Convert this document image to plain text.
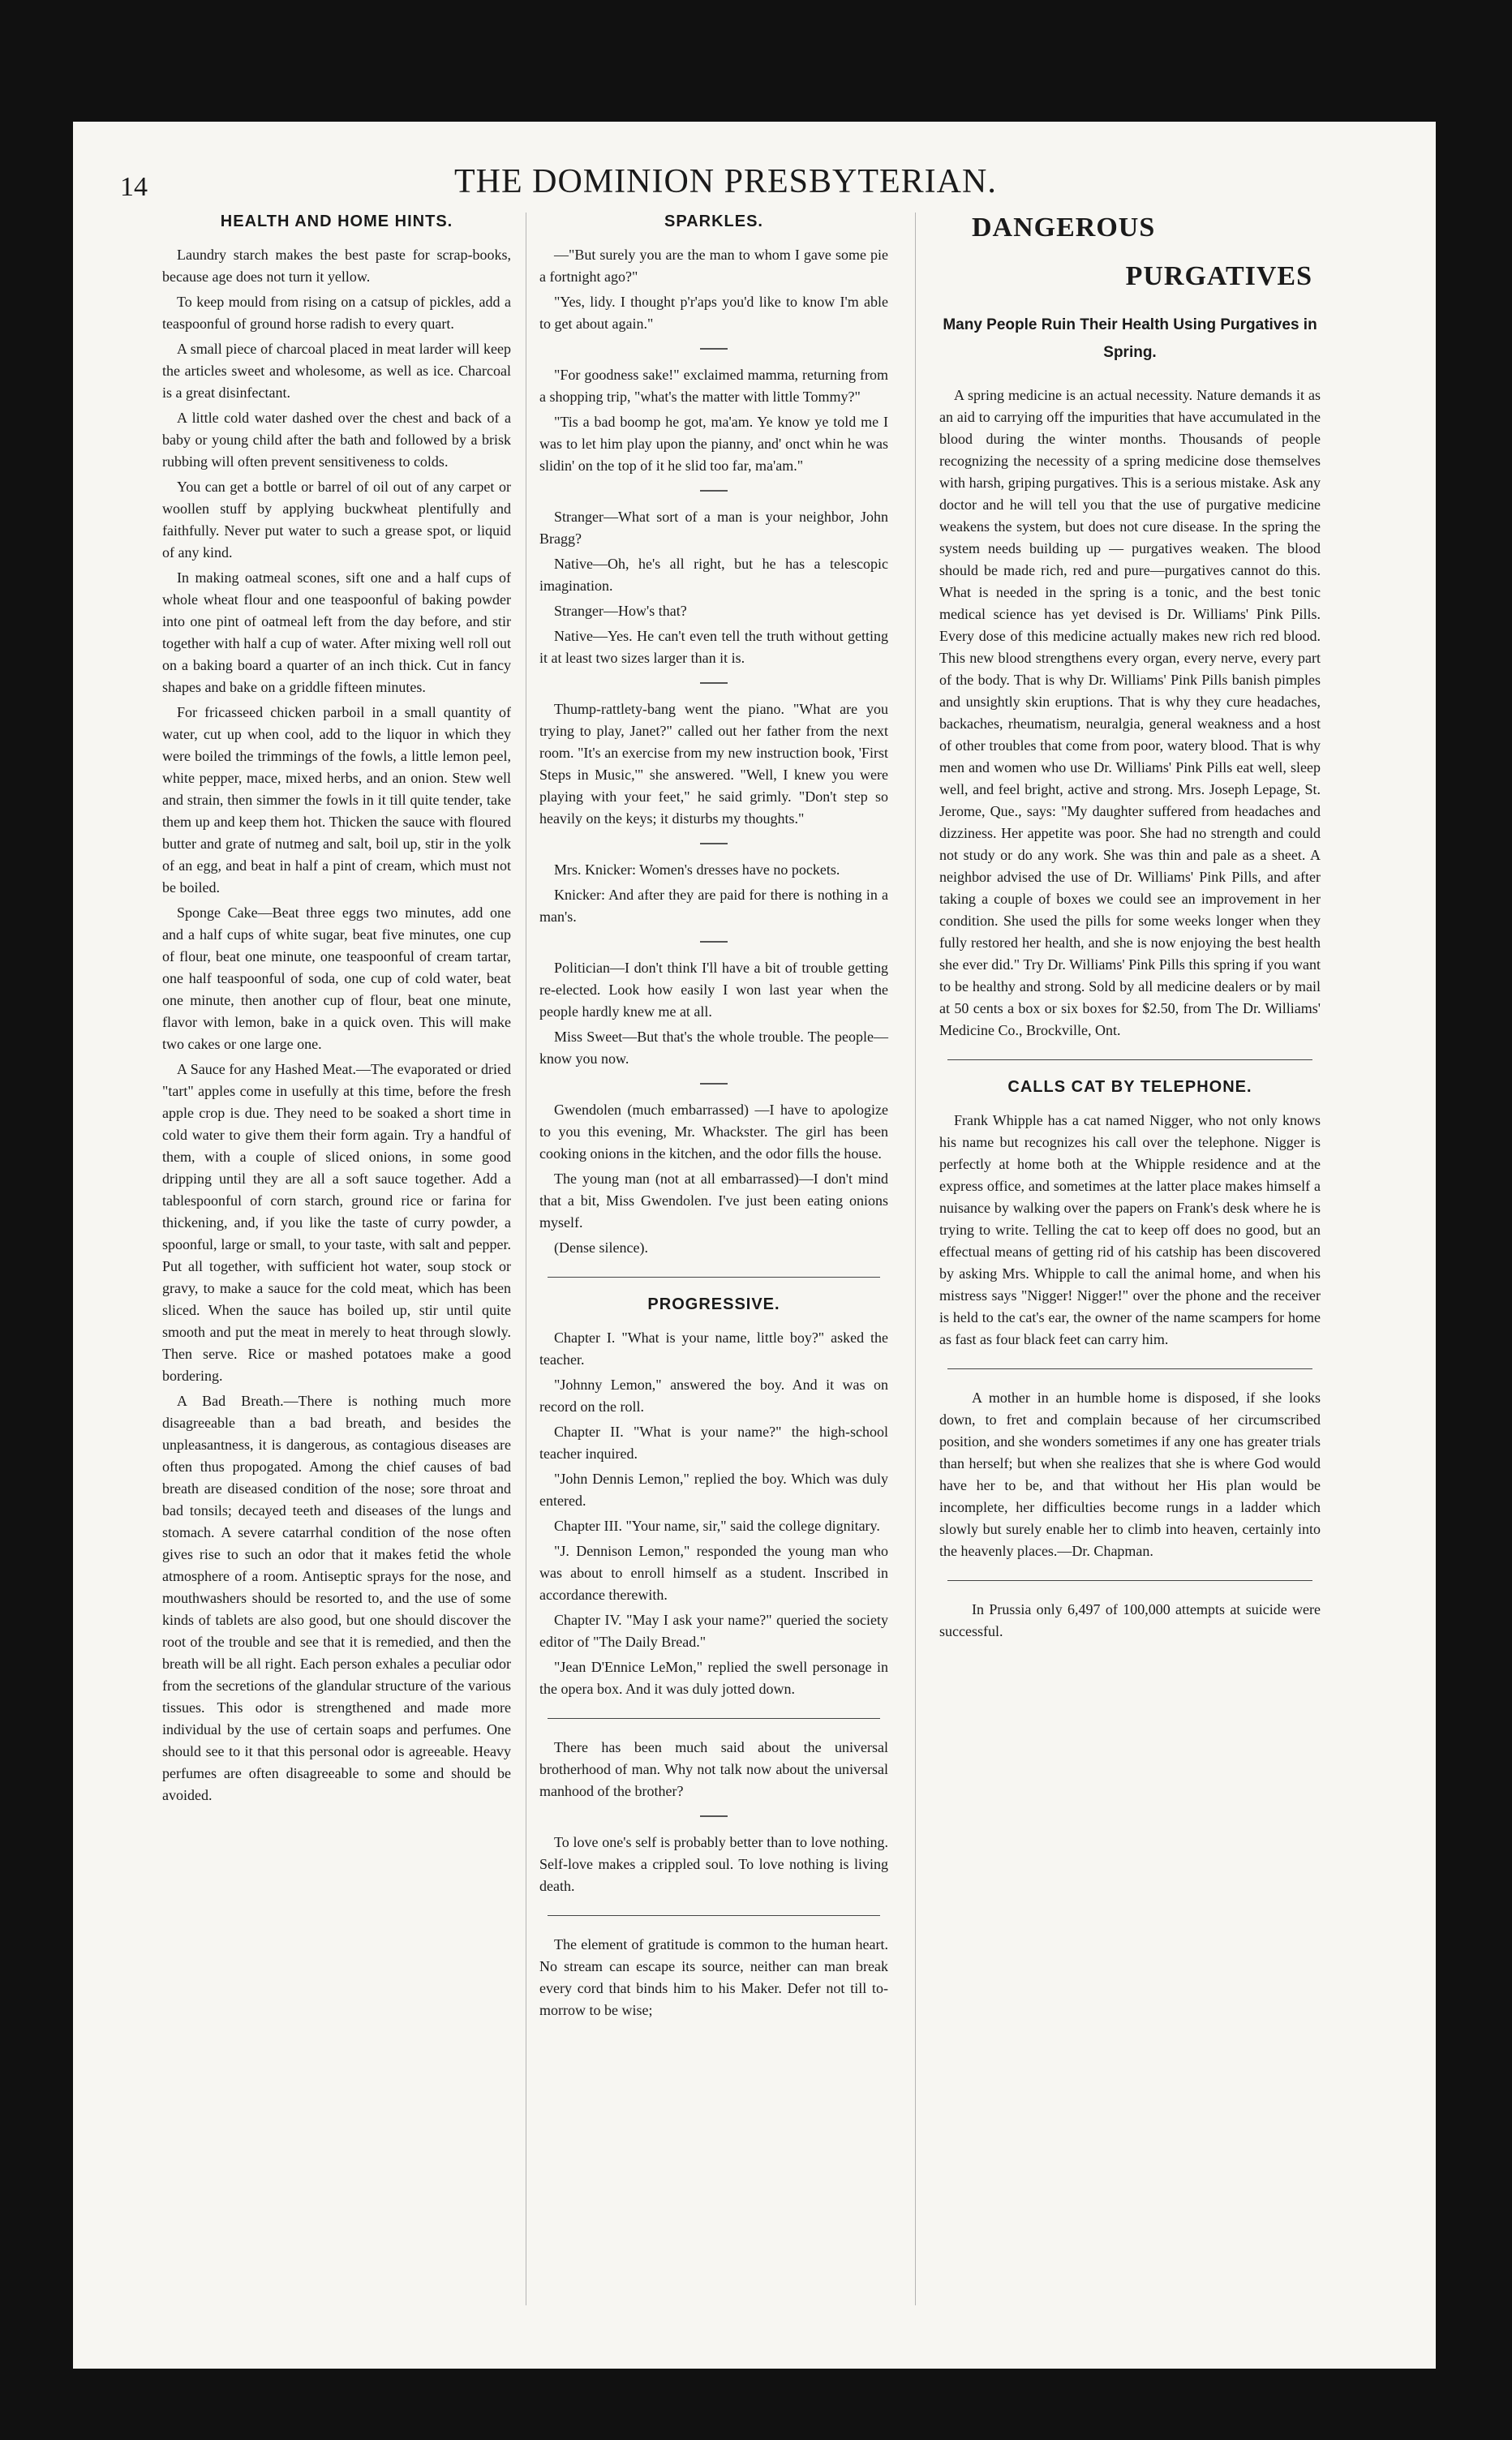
14	THE DOMINION PRESBYTERIAN.
HEALTH AND HOME HINTS.

Laundry starch makes the best paste for scrap-books, because age does not turn it yellow.

To keep mould from rising on a catsup of pickles, add a teaspoonful of ground horse radish to every quart.

A small piece of charcoal placed in meat larder will keep the articles sweet and wholesome, as well as ice. Charcoal is a great disinfectant.

A little cold water dashed over the chest and back of a baby or young child after the bath and followed by a brisk rubbing will often prevent sensitiveness to colds.

You can get a bottle or barrel of oil out of any carpet or woollen stuff by applying buckwheat plentifully and faithfully. Never put water to such a grease spot, or liquid of any kind.

In making oatmeal scones, sift one and a half cups of whole wheat flour and one teaspoonful of baking powder into one pint of oatmeal left from the day before, and stir together with half a cup of water. After mixing well roll out on a baking board a quarter of an inch thick. Cut in fancy shapes and bake on a griddle fifteen minutes.

For fricasseed chicken parboil in a small quantity of water, cut up when cool, add to the liquor in which they were boiled the trimmings of the fowls, a little lemon peel, white pepper, mace, mixed herbs, and an onion. Stew well and strain, then simmer the fowls in it till quite tender, take them up and keep them hot. Thicken the sauce with floured butter and grate of nutmeg and salt, boil up, stir in the yolk of an egg, and beat in half a pint of cream, which must not be boiled.

Sponge Cake—Beat three eggs two minutes, add one and a half cups of white sugar, beat five minutes, one cup of flour, beat one minute, one teaspoonful of cream tartar, one half teaspoonful of soda, one cup of cold water, beat one minute, then another cup of flour, beat one minute, flavor with lemon, bake in a quick oven. This will make two cakes or one large one.

A Sauce for any Hashed Meat.—The evaporated or dried "tart" apples come in usefully at this time, before the fresh apple crop is due. They need to be soaked a short time in cold water to give them their form again. Try a handful of them, with a couple of sliced onions, in some good dripping until they are all a soft sauce together. Add a tablespoonful of corn starch, ground rice or farina for thickening, and, if you like the taste of curry powder, a spoonful, large or small, to your taste, with salt and pepper. Put all together, with sufficient hot water, soup stock or gravy, to make a sauce for the cold meat, which has been sliced. When the sauce has boiled up, stir until quite smooth and put the meat in merely to heat through slowly. Then serve. Rice or mashed potatoes make a good bordering.

A Bad Breath.—There is nothing much more disagreeable than a bad breath, and besides the unpleasantness, it is dangerous, as contagious diseases are often thus propogated. Among the chief causes of bad breath are diseased condition of the nose; sore throat and bad tonsils; decayed teeth and diseases of the lungs and stomach. A severe catarrhal condition of the nose often gives rise to such an odor that it makes fetid the whole atmosphere of a room. Antiseptic sprays for the nose, and mouthwashers should be resorted to, and the use of some kinds of tablets are also good, but one should discover the root of the trouble and see that it is remedied, and then the breath will be all right. Each person exhales a peculiar odor from the secretions of the glandular structure of the various tissues. This odor is strengthened and made more individual by the use of certain soaps and perfumes. One should see to it that this personal odor is agreeable. Heavy perfumes are often disagreeable to some and should be avoided.

SPARKLES.

—"But surely you are the man to whom I gave some pie a fortnight ago?"

"Yes, lidy. I thought p'r'aps you'd like to know I'm able to get about again."

"For goodness sake!" exclaimed mamma, returning from a shopping trip, "what's the matter with little Tommy?"

"Tis a bad boomp he got, ma'am. Ye know ye told me I was to let him play upon the pianny, and' onct whin he was slidin' on the top of it he slid too far, ma'am."

Stranger—What sort of a man is your neighbor, John Bragg?

Native—Oh, he's all right, but he has a telescopic imagination.

Stranger—How's that?

Native—Yes. He can't even tell the truth without getting it at least two sizes larger than it is.

Thump-rattlety-bang went the piano. "What are you trying to play, Janet?" called out her father from the next room. "It's an exercise from my new instruction book, 'First Steps in Music,'" she answered. "Well, I knew you were playing with your feet," he said grimly. "Don't step so heavily on the keys; it disturbs my thoughts."

Mrs. Knicker: Women's dresses have no pockets.

Knicker: And after they are paid for there is nothing in a man's.

Politician—I don't think I'll have a bit of trouble getting re-elected. Look how easily I won last year when the people hardly knew me at all.

Miss Sweet—But that's the whole trouble. The people—know you now.

Gwendolen (much embarrassed) —I have to apologize to you this evening, Mr. Whackster. The girl has been cooking onions in the kitchen, and the odor fills the house.

The young man (not at all embarrassed)—I don't mind that a bit, Miss Gwendolen. I've just been eating onions myself.

(Dense silence).

PROGRESSIVE.

Chapter I. "What is your name, little boy?" asked the teacher.

"Johnny Lemon," answered the boy. And it was on record on the roll.

Chapter II. "What is your name?" the high-school teacher inquired.

"John Dennis Lemon," replied the boy. Which was duly entered.

Chapter III. "Your name, sir," said the college dignitary.

"J. Dennison Lemon," responded the young man who was about to enroll himself as a student. Inscribed in accordance therewith.

Chapter IV. "May I ask your name?" queried the society editor of "The Daily Bread."

"Jean D'Ennice LeMon," replied the swell personage in the opera box. And it was duly jotted down.

There has been much said about the universal brotherhood of man. Why not talk now about the universal manhood of the brother?

To love one's self is probably better than to love nothing. Self-love makes a crippled soul. To love nothing is living death.

The element of gratitude is common to the human heart. No stream can escape its source, neither can man break every cord that binds him to his Maker. Defer not till to-morrow to be wise;

DANGEROUS
PURGATIVES
Many People Ruin Their Health Using Purgatives in Spring.

A spring medicine is an actual necessity. Nature demands it as an aid to carrying off the impurities that have accumulated in the blood during the winter months. Thousands of people recognizing the necessity of a spring medicine dose themselves with harsh, griping purgatives. This is a serious mistake. Ask any doctor and he will tell you that the use of purgative medicine weakens the system, but does not cure disease. In the spring the system needs building up — purgatives weaken. The blood should be made rich, red and pure—purgatives cannot do this. What is needed in the spring is a tonic, and the best tonic medical science has yet devised is Dr. Williams' Pink Pills. Every dose of this medicine actually makes new rich red blood. This new blood strengthens every organ, every nerve, every part of the body. That is why Dr. Williams' Pink Pills banish pimples and unsightly skin eruptions. That is why they cure headaches, backaches, rheumatism, neuralgia, general weakness and a host of other troubles that come from poor, watery blood. That is why men and women who use Dr. Williams' Pink Pills eat well, sleep well, and feel bright, active and strong. Mrs. Joseph Lepage, St. Jerome, Que., says: "My daughter suffered from headaches and dizziness. Her appetite was poor. She had no strength and could not study or do any work. She was thin and pale as a sheet. A neighbor advised the use of Dr. Williams' Pink Pills, and after taking a couple of boxes we could see an improvement in her condition. She used the pills for some weeks longer when they fully restored her health, and she is now enjoying the best health she ever did." Try Dr. Williams' Pink Pills this spring if you want to be healthy and strong. Sold by all medicine dealers or by mail at 50 cents a box or six boxes for $2.50, from The Dr. Williams' Medicine Co., Brockville, Ont.

CALLS CAT BY TELEPHONE.

Frank Whipple has a cat named Nigger, who not only knows his name but recognizes his call over the telephone. Nigger is perfectly at home both at the Whipple residence and at the express office, and sometimes at the latter place makes himself a nuisance by walking over the papers on Frank's desk where he is trying to write. Telling the cat to keep off does no good, but an effectual means of getting rid of his catship has been discovered by asking Mrs. Whipple to call the animal home, and when his mistress says "Nigger! Nigger!" over the phone and the receiver is held to the cat's ear, the owner of the name scampers for home as fast as four black feet can carry him.

A mother in an humble home is disposed, if she looks down, to fret and complain because of her circumscribed position, and she wonders sometimes if any one has greater trials than herself; but when she realizes that she is where God would have her to be, and that without her His plan would be incomplete, her difficulties become rungs in a ladder which slowly but surely enable her to climb into heaven, certainly into the heavenly places.—Dr. Chapman.

In Prussia only 6,497 of 100,000 attempts at suicide were successful.
